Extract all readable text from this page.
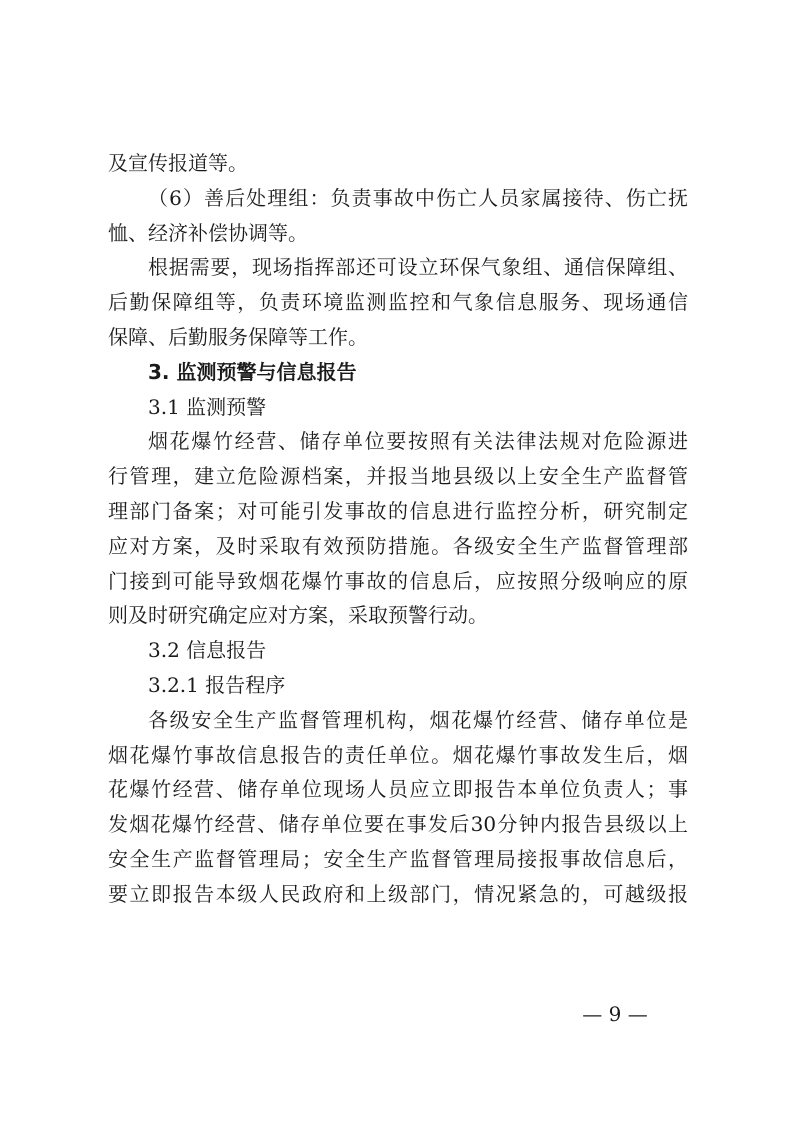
及宣传报道等。
（6）善后处理组：负责事故中伤亡人员家属接待、伤亡抚
恤、经济补偿协调等。
根据需要，现场指挥部还可设立环保气象组、通信保障组、
后勤保障组等，负责环境监测监控和气象信息服务、现场通信
保障、后勤服务保障等工作。
3. 监测预警与信息报告
3.1 监测预警
烟花爆竹经营、储存单位要按照有关法律法规对危险源进
行管理，建立危险源档案，并报当地县级以上安全生产监督管
理部门备案；对可能引发事故的信息进行监控分析，研究制定
应对方案，及时采取有效预防措施。各级安全生产监督管理部
门接到可能导致烟花爆竹事故的信息后，应按照分级响应的原
则及时研究确定应对方案，采取预警行动。
3.2 信息报告
3.2.1 报告程序
各级安全生产监督管理机构，烟花爆竹经营、储存单位是
烟花爆竹事故信息报告的责任单位。烟花爆竹事故发生后，烟
花爆竹经营、储存单位现场人员应立即报告本单位负责人；事
发烟花爆竹经营、储存单位要在事发后30分钟内报告县级以上
安全生产监督管理局；安全生产监督管理局接报事故信息后，
要立即报告本级人民政府和上级部门，情况紧急的，可越级报
— 9 —
